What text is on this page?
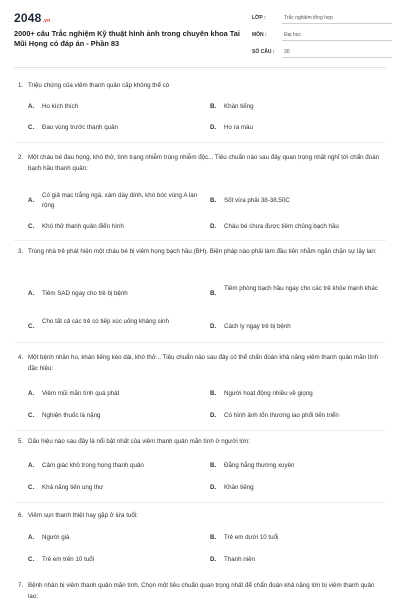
2048.vn
2000+ câu Trắc nghiệm Kỹ thuật hình ảnh trong chuyên khoa Tai Mũi Họng có đáp án - Phần 83
LỚP :	Trắc nghiệm tổng hợp
MÔN :	Đại học
SỐ CÂU :	30
1. Triệu chứng của viêm thanh quản cấp không thể có
A. Ho kích thích	B. Khàn tiếng
C. Đau vùng trước thanh quản	D. Ho ra máu
2. Một cháu bé đau họng, khó thở, tình trạng nhiễm trùng nhiễm độc... Tiêu chuẩn nào sau đây quan trọng nhất nghĩ tới chẩn đoán bạch hầu thanh quản:
A.
Có giả mạc trắng ngà, xám dày dính, khó bóc vùng A lan rộng
B. Sốt vừa phải 38-38,50C
C. Khó thở thanh quản điển hình	D. Cháu bé chưa được tiêm chủng bạch hầu
3. Trong nhà trẻ phát hiện một cháu bé bị viêm họng bạch hầu (BH). Biện pháp nào phải làm đầu tiên nhằm ngăn chặn sự lây lan:
A. Tiêm SAD ngay cho trẻ bị bệnh	B.
Tiêm phòng bạch hầu ngay cho các trẻ khỏe mạnh khác
C.
Cho tất cả các trẻ có tiếp xúc uống kháng sinh
D. Cách ly ngay trẻ bị bệnh
4. Một bệnh nhân ho, khàn tiếng kéo dài, khó thở... Tiêu chuẩn nào sau đây có thể chẩn đoán khả năng viêm thanh quản mãn tính đặc hiệu:
A. Viêm mũi mãn tính quá phát	B. Người hoạt động nhiều về giọng
C. Nghiện thuốc lá nặng	D. Có hình ảnh tổn thương lao phổi tiến triển
5. Dấu hiệu nào sau đây là nổi bật nhất của viêm thanh quản mãn tính ở người lớn:
A. Cảm giác khô trong họng thanh quản	B. Đằng hắng thường xuyên
C. Khả năng tiến ung thư	D. Khàn tiếng
6. Viêm sụn thanh thiệt hay gặp ở lứa tuổi:
A. Người già	B. Trẻ em dưới 10 tuổi
C. Trẻ em trên 10 tuổi	D. Thanh niên
7. Bệnh nhân bị viêm thanh quản mãn tính. Chọn một tiêu chuẩn quan trọng nhất để chẩn đoán khả năng lớn bị viêm thanh quản lao:
